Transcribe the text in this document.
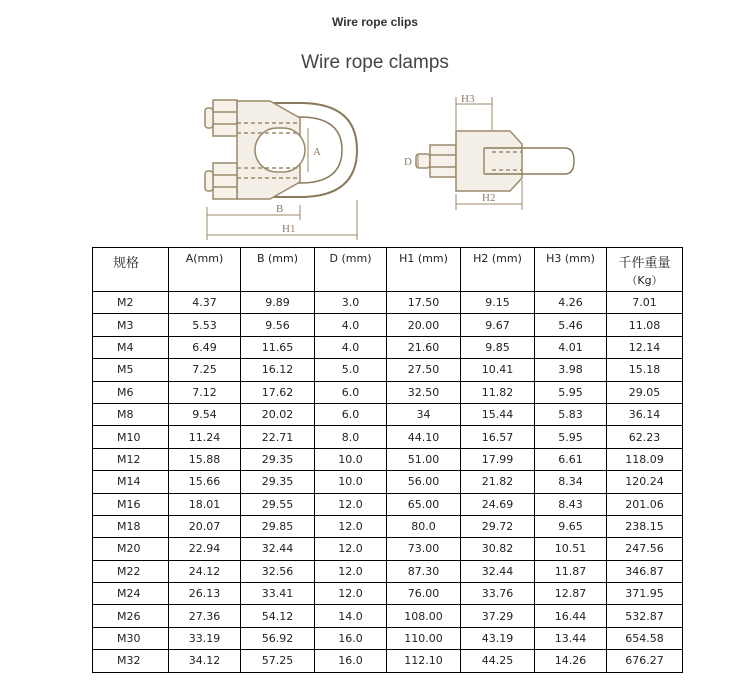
Wire rope clips
Wire rope clamps
A
B
H1
H3
H2
D
规格	A(mm)	B (mm)	D (mm)	H1 (mm)	H2 (mm)	H3 (mm)	千件重量
（Kg）

M2	4.37	9.89	3.0	17.50	9.15	4.26	7.01
M3	5.53	9.56	4.0	20.00	9.67	5.46	11.08
M4	6.49	11.65	4.0	21.60	9.85	4.01	12.14
M5	7.25	16.12	5.0	27.50	10.41	3.98	15.18
M6	7.12	17.62	6.0	32.50	11.82	5.95	29.05
M8	9.54	20.02	6.0	34	15.44	5.83	36.14
M10	11.24	22.71	8.0	44.10	16.57	5.95	62.23
M12	15.88	29.35	10.0	51.00	17.99	6.61	118.09
M14	15.66	29.35	10.0	56.00	21.82	8.34	120.24
M16	18.01	29.55	12.0	65.00	24.69	8.43	201.06
M18	20.07	29.85	12.0	80.0	29.72	9.65	238.15
M20	22.94	32.44	12.0	73.00	30.82	10.51	247.56
M22	24.12	32.56	12.0	87.30	32.44	11.87	346.87
M24	26.13	33.41	12.0	76.00	33.76	12.87	371.95
M26	27.36	54.12	14.0	108.00	37.29	16.44	532.87
M30	33.19	56.92	16.0	110.00	43.19	13.44	654.58
M32	34.12	57.25	16.0	112.10	44.25	14.26	676.27
